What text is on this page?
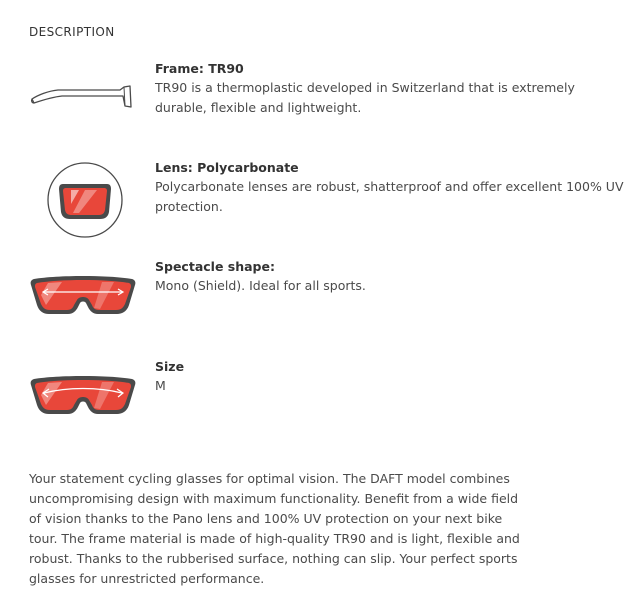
DESCRIPTION
Frame: TR90
TR90 is a thermoplastic developed in Switzerland that is extremely durable, flexible and lightweight.
Lens: Polycarbonate
Polycarbonate lenses are robust, shatterproof and offer excellent 100% UV protection.
Spectacle shape:
Mono (Shield). Ideal for all sports.
Size
M
Your statement cycling glasses for optimal vision. The DAFT model combines uncompromising design with maximum functionality. Benefit from a wide field of vision thanks to the Pano lens and 100% UV protection on your next bike tour. The frame material is made of high-quality TR90 and is light, flexible and robust. Thanks to the rubberised surface, nothing can slip. Your perfect sports glasses for unrestricted performance.
